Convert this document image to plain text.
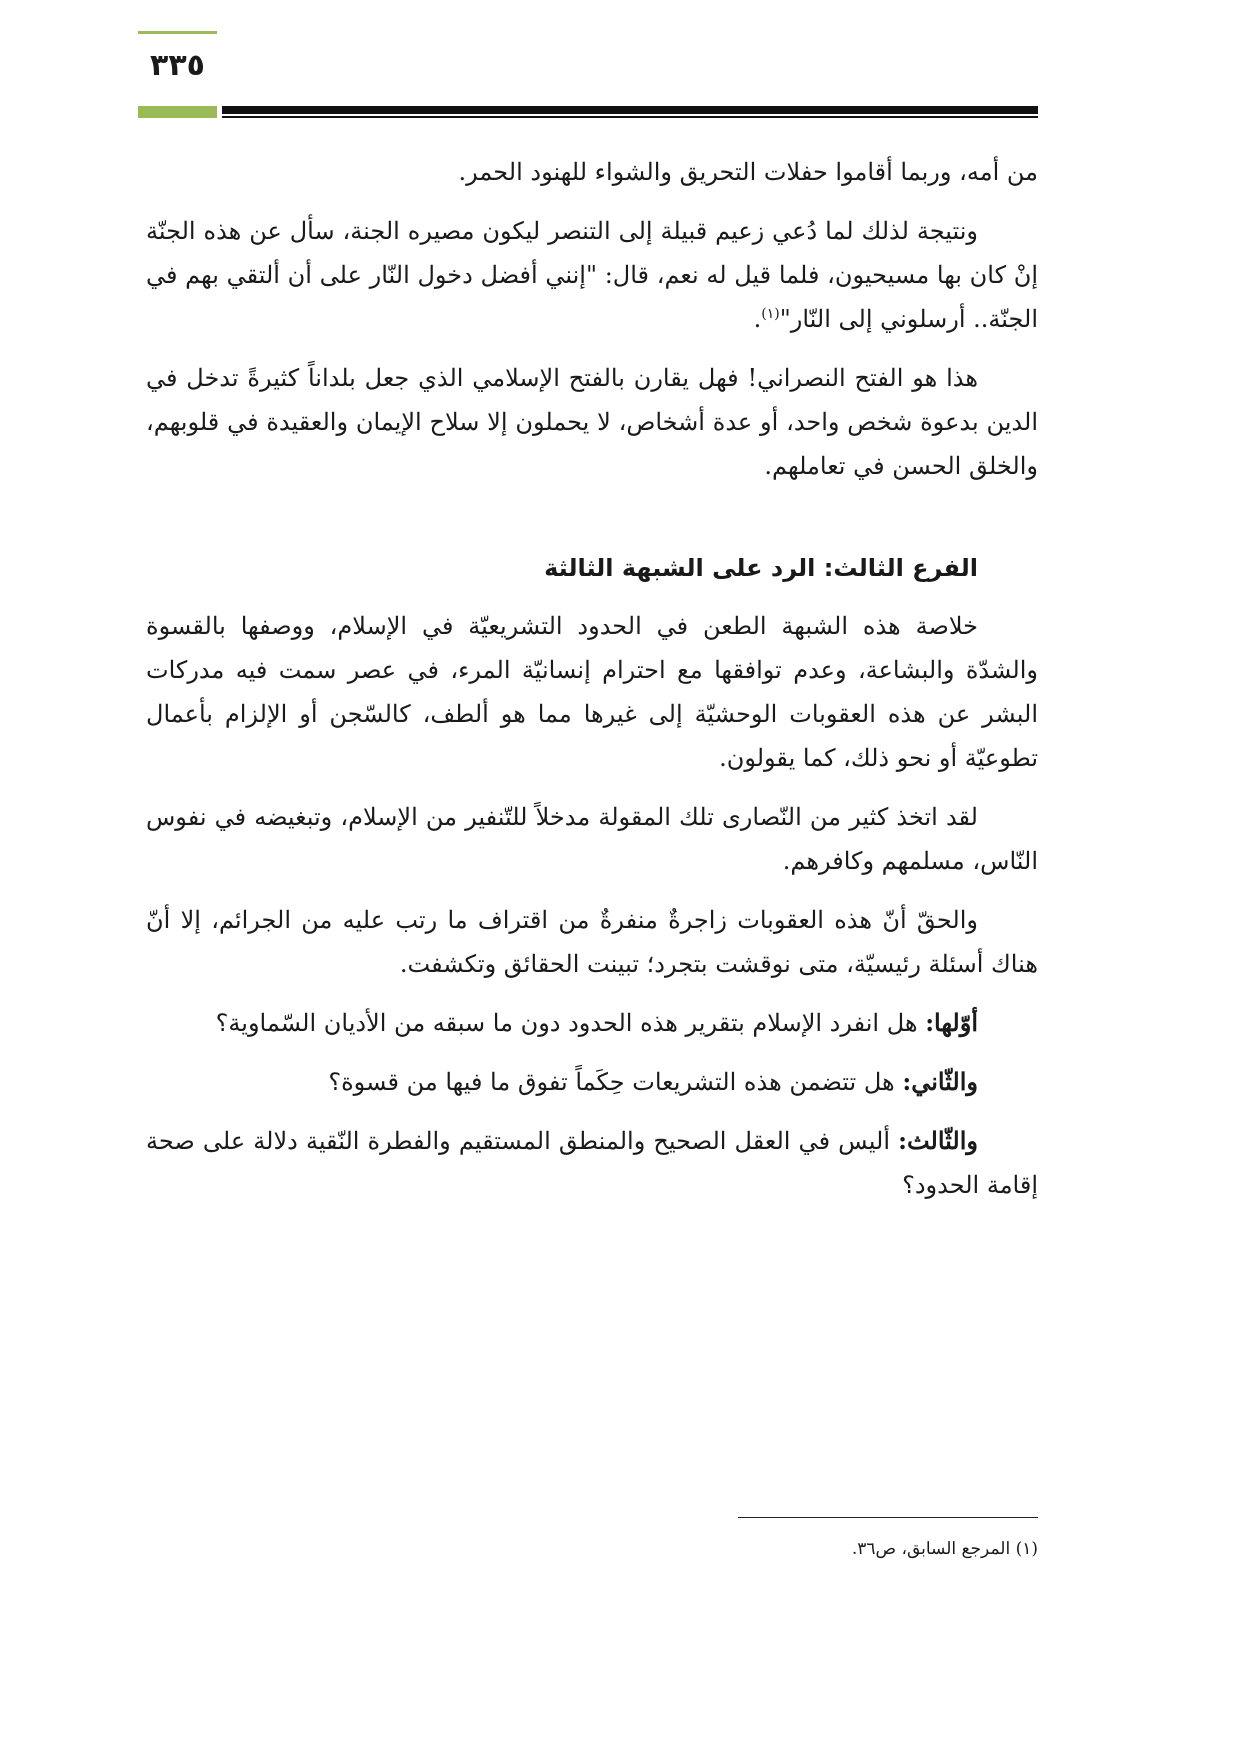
٣٣٥

من أمه، وربما أقاموا حفلات التحريق والشواء للهنود الحمر.

ونتيجة لذلك لما دُعي زعيم قبيلة إلى التنصر ليكون مصيره الجنة، سأل عن هذه الجنّة إنْ كان بها مسيحيون، فلما قيل له نعم، قال: "إنني أفضل دخول النّار على أن ألتقي بهم في الجنّة.. أرسلوني إلى النّار"$^{(١)}$.

هذا هو الفتح النصراني! فهل يقارن بالفتح الإسلامي الذي جعل بلداناً كثيرةً تدخل في الدين بدعوة شخص واحد، أو عدة أشخاص، لا يحملون إلا سلاح الإيمان والعقيدة في قلوبهم، والخلق الحسن في تعاملهم.

الفرع الثالث: الرد على الشبهة الثالثة

خلاصة هذه الشبهة الطعن في الحدود التشريعيّة في الإسلام، ووصفها بالقسوة والشدّة والبشاعة، وعدم توافقها مع احترام إنسانيّة المرء، في عصر سمت فيه مدركات البشر عن هذه العقوبات الوحشيّة إلى غيرها مما هو ألطف، كالسّجن أو الإلزام بأعمال تطوعيّة أو نحو ذلك، كما يقولون.

لقد اتخذ كثير من النّصارى تلك المقولة مدخلاً للتّنفير من الإسلام، وتبغيضه في نفوس النّاس، مسلمهم وكافرهم.

والحقّ أنّ هذه العقوبات زاجرةٌ منفرةٌ من اقتراف ما رتب عليه من الجرائم، إلا أنّ هناك أسئلة رئيسيّة، متى نوقشت بتجرد؛ تبينت الحقائق وتكشفت.

أوّلها: هل انفرد الإسلام بتقرير هذه الحدود دون ما سبقه من الأديان السّماوية؟

والثّاني: هل تتضمن هذه التشريعات حِكَماً تفوق ما فيها من قسوة؟

والثّالث: أليس في العقل الصحيح والمنطق المستقيم والفطرة النّقية دلالة على صحة إقامة الحدود؟

(١) المرجع السابق، ص٣٦.
